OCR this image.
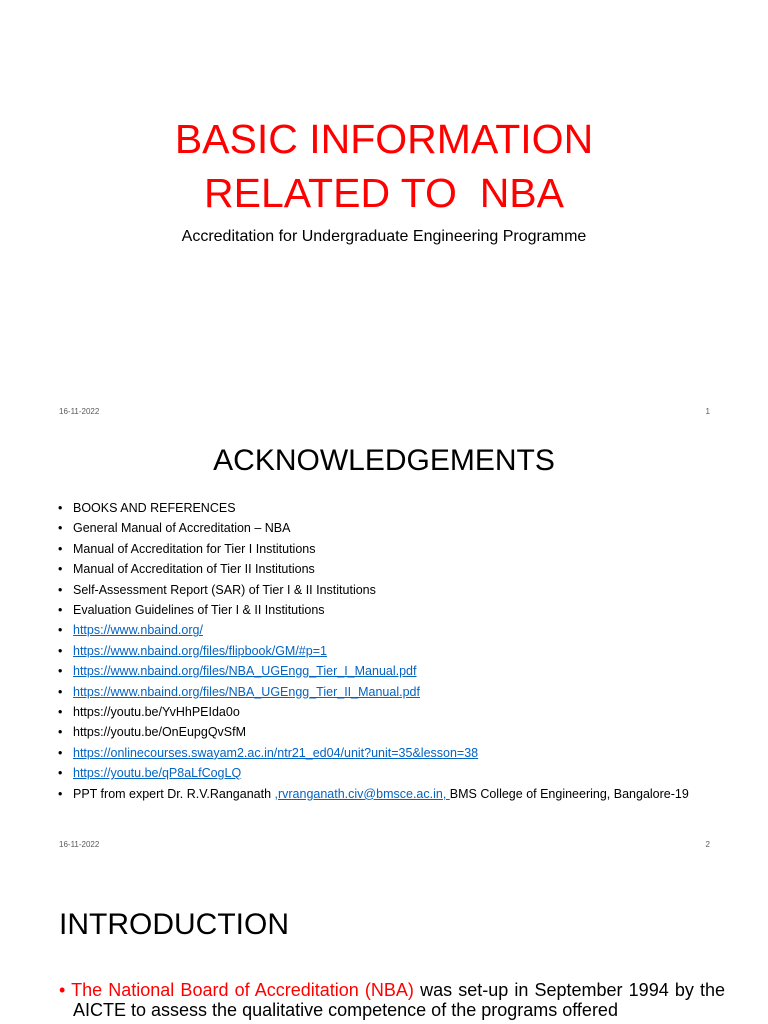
BASIC INFORMATION
RELATED TO  NBA
Accreditation for Undergraduate Engineering Programme
16-11-2022	1
ACKNOWLEDGEMENTS
• BOOKS AND REFERENCES
• General Manual of Accreditation – NBA
• Manual of Accreditation for Tier I Institutions
• Manual of Accreditation of Tier II Institutions
• Self-Assessment Report (SAR) of Tier I & II Institutions
• Evaluation Guidelines of Tier I & II Institutions
• https://www.nbaind.org/
• https://www.nbaind.org/files/flipbook/GM/#p=1
• https://www.nbaind.org/files/NBA_UGEngg_Tier_I_Manual.pdf
• https://www.nbaind.org/files/NBA_UGEngg_Tier_II_Manual.pdf
• https://youtu.be/YvHhPEIda0o
• https://youtu.be/OnEupgQvSfM
• https://onlinecourses.swayam2.ac.in/ntr21_ed04/unit?unit=35&lesson=38
• https://youtu.be/qP8aLfCogLQ
• PPT from expert Dr. R.V.Ranganath ,rvranganath.civ@bmsce.ac.in, BMS College of Engineering, Bangalore-19
16-11-2022	2
INTRODUCTION
• The National Board of Accreditation (NBA) was set-up in September 1994 by the AICTE to assess the qualitative competence of the programs offered
